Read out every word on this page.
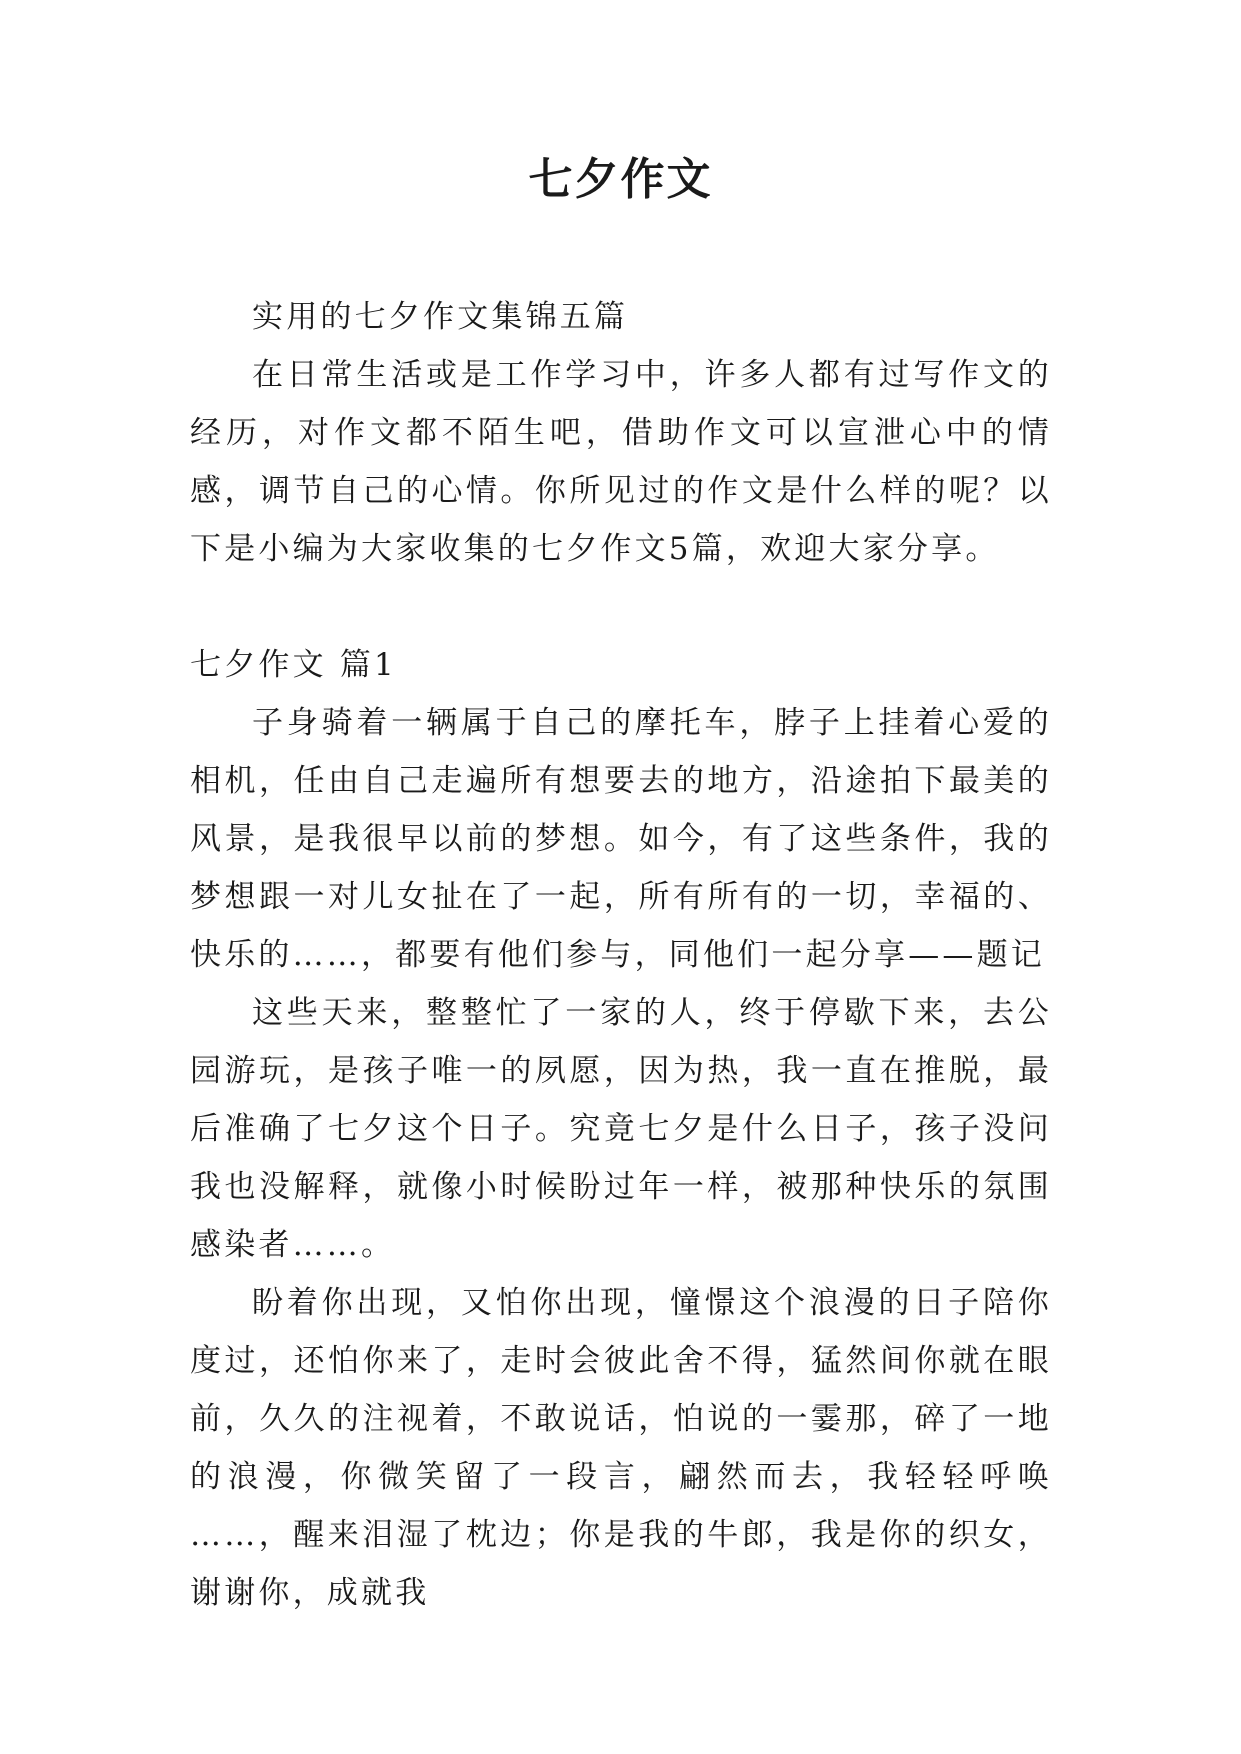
七夕作文

实用的七夕作文集锦五篇

在日常生活或是工作学习中，许多人都有过写作文的经历，对作文都不陌生吧，借助作文可以宣泄心中的情感，调节自己的心情。你所见过的作文是什么样的呢？以下是小编为大家收集的七夕作文5篇，欢迎大家分享。

七夕作文 篇1

子身骑着一辆属于自己的摩托车，脖子上挂着心爱的相机，任由自己走遍所有想要去的地方，沿途拍下最美的风景，是我很早以前的梦想。如今，有了这些条件，我的梦想跟一对儿女扯在了一起，所有所有的一切，幸福的、快乐的……，都要有他们参与，同他们一起分享——题记

这些天来，整整忙了一家的人，终于停歇下来，去公园游玩，是孩子唯一的夙愿，因为热，我一直在推脱，最后准确了七夕这个日子。究竟七夕是什么日子，孩子没问我也没解释，就像小时候盼过年一样，被那种快乐的氛围感染者……。

盼着你出现，又怕你出现，憧憬这个浪漫的日子陪你度过，还怕你来了，走时会彼此舍不得，猛然间你就在眼前，久久的注视着，不敢说话，怕说的一霎那，碎了一地的浪漫，你微笑留了一段言，翩然而去，我轻轻呼唤 ……，醒来泪湿了枕边；你是我的牛郎，我是你的织女，谢谢你，成就我
